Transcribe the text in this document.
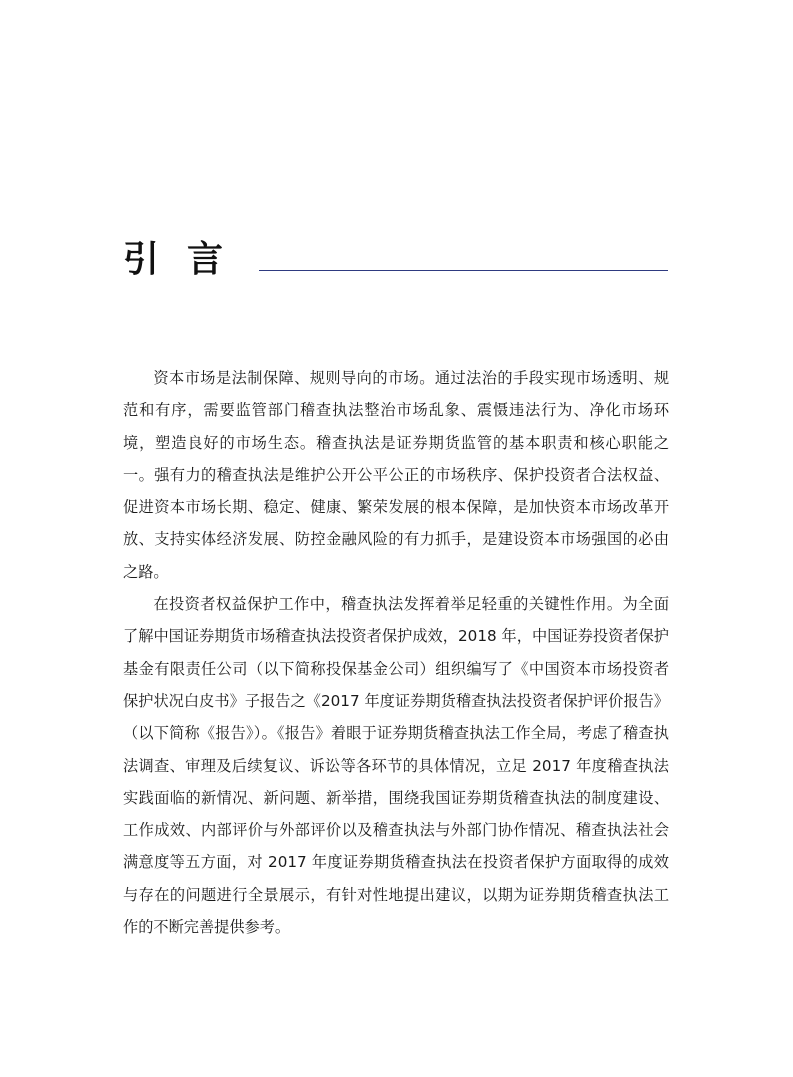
引言

资本市场是法制保障、规则导向的市场。通过法治的手段实现市场透明、规范和有序，需要监管部门稽查执法整治市场乱象、震慑违法行为、净化市场环境，塑造良好的市场生态。稽查执法是证券期货监管的基本职责和核心职能之一。强有力的稽查执法是维护公开公平公正的市场秩序、保护投资者合法权益、促进资本市场长期、稳定、健康、繁荣发展的根本保障，是加快资本市场改革开放、支持实体经济发展、防控金融风险的有力抓手，是建设资本市场强国的必由之路。

在投资者权益保护工作中，稽查执法发挥着举足轻重的关键性作用。为全面了解中国证券期货市场稽查执法投资者保护成效，2018 年，中国证券投资者保护基金有限责任公司（以下简称投保基金公司）组织编写了《中国资本市场投资者保护状况白皮书》子报告之《2017 年度证券期货稽查执法投资者保护评价报告》（以下简称《报告》）。《报告》着眼于证券期货稽查执法工作全局，考虑了稽查执法调查、审理及后续复议、诉讼等各环节的具体情况，立足 2017 年度稽查执法实践面临的新情况、新问题、新举措，围绕我国证券期货稽查执法的制度建设、工作成效、内部评价与外部评价以及稽查执法与外部门协作情况、稽查执法社会满意度等五方面，对 2017 年度证券期货稽查执法在投资者保护方面取得的成效与存在的问题进行全景展示，有针对性地提出建议，以期为证券期货稽查执法工作的不断完善提供参考。
